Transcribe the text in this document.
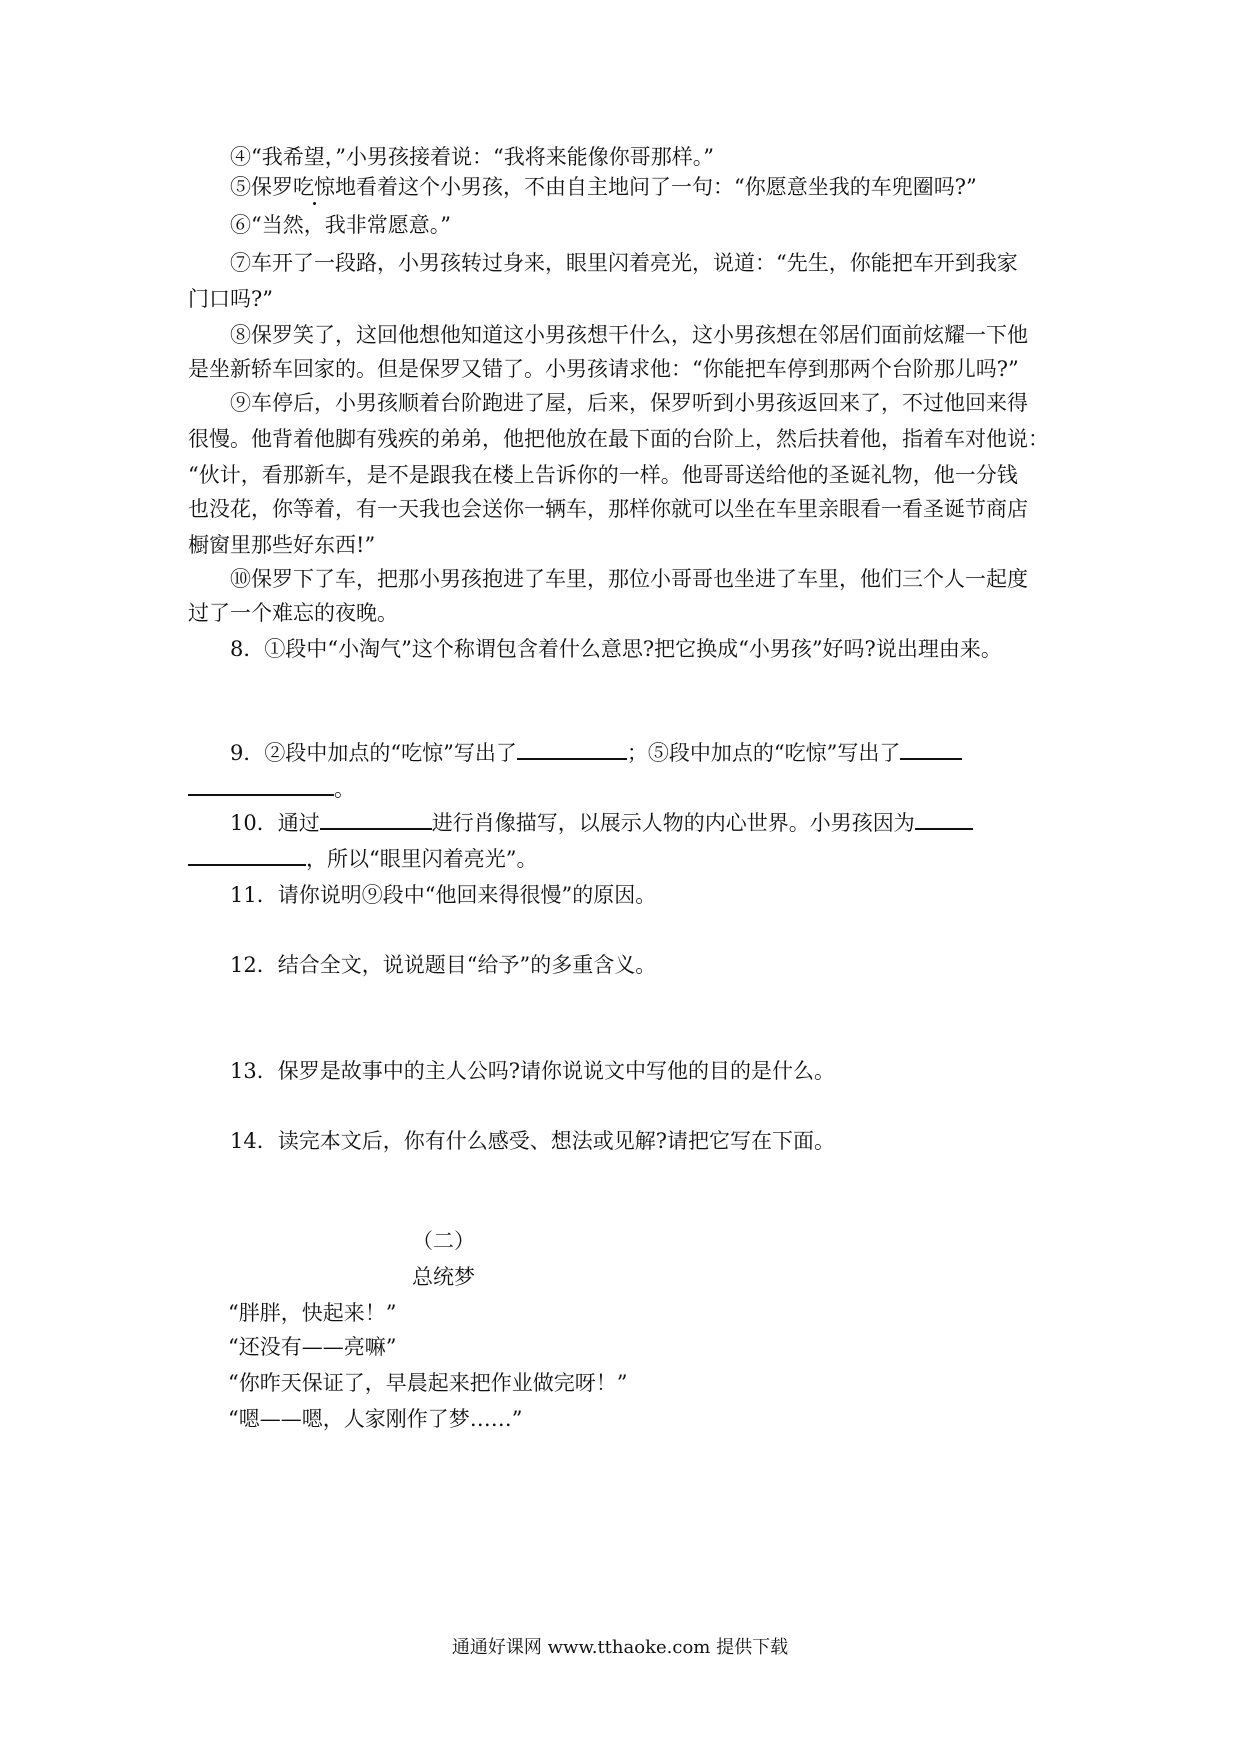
④“我希望，”小男孩接着说：“我将来能像你哥那样。”
⑤保罗吃惊地看着这个小男孩，不由自主地问了一句：“你愿意坐我的车兜圈吗?”
⑥“当然，我非常愿意。”
⑦车开了一段路，小男孩转过身来，眼里闪着亮光，说道：“先生，你能把车开到我家
门口吗?”
⑧保罗笑了，这回他想他知道这小男孩想干什么，这小男孩想在邻居们面前炫耀一下他
是坐新轿车回家的。但是保罗又错了。小男孩请求他：“你能把车停到那两个台阶那儿吗?”
⑨车停后，小男孩顺着台阶跑进了屋，后来，保罗听到小男孩返回来了，不过他回来得
很慢。他背着他脚有残疾的弟弟，他把他放在最下面的台阶上，然后扶着他，指着车对他说：
“伙计，看那新车，是不是跟我在楼上告诉你的一样。他哥哥送给他的圣诞礼物，他一分钱
也没花，你等着，有一天我也会送你一辆车，那样你就可以坐在车里亲眼看一看圣诞节商店
橱窗里那些好东西!”
⑩保罗下了车，把那小男孩抱进了车里，那位小哥哥也坐进了车里，他们三个人一起度
过了一个难忘的夜晚。
8．①段中“小淘气”这个称谓包含着什么意思?把它换成“小男孩”好吗?说出理由来。
9．②段中加点的“吃惊”写出了	；⑤段中加点的“吃惊”写出了
。
10．通过	进行肖像描写，以展示人物的内心世界。小男孩因为
，所以“眼里闪着亮光”。
11．请你说明⑨段中“他回来得很慢”的原因。
12．结合全文，说说题目“给予”的多重含义。
13．保罗是故事中的主人公吗?请你说说文中写他的目的是什么。
14．读完本文后，你有什么感受、想法或见解?请把它写在下面。
（二）
总统梦
“胖胖，快起来！”
“还没有——亮嘛”
“你昨天保证了，早晨起来把作业做完呀！”
“嗯——嗯，人家刚作了梦……”
通通好课网 www.tthaoke.com 提供下载
